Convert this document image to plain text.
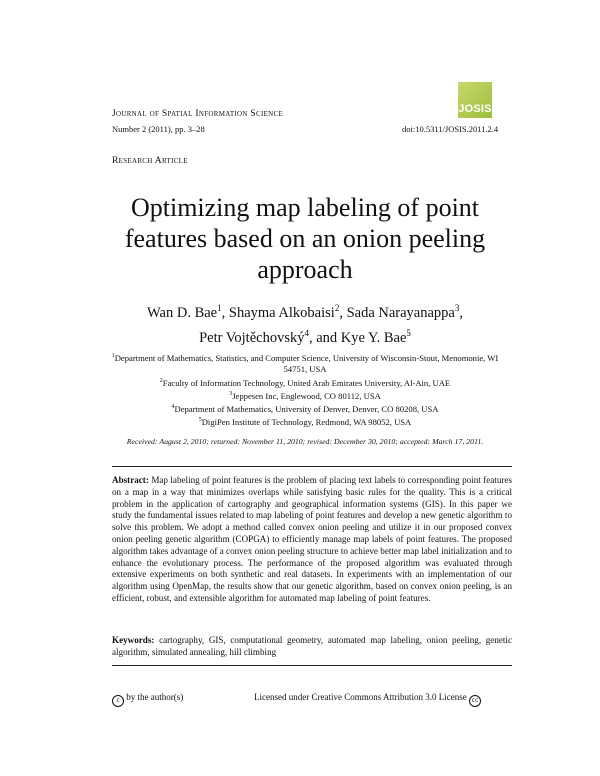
Journal of Spatial Information Science
Number 2 (2011), pp. 3–28	doi:10.5311/JOSIS.2011.2.4
JOSIS
Research Article
Optimizing map labeling of point features based on an onion peeling approach
Wan D. Bae$^1$, Shayma Alkobaisi$^2$, Sada Narayanappa$^3$,
Petr Vojtěchovský$^4$, and Kye Y. Bae$^5$
$^1$Department of Mathematics, Statistics, and Computer Science, University of Wisconsin-Stout, Menomonie, WI 54751, USA
$^2$Faculty of Information Technology, United Arab Emirates University, Al-Ain, UAE
$^3$Jeppesen Inc, Englewood, CO 80112, USA
$^4$Department of Mathematics, University of Denver, Denver, CO 80208, USA
$^5$DigiPen Institute of Technology, Redmond, WA 98052, USA
Received: August 2, 2010; returned: November 11, 2010; revised: December 30, 2010; accepted: March 17, 2011.
Abstract: Map labeling of point features is the problem of placing text labels to corresponding point features on a map in a way that minimizes overlaps while satisfying basic rules for the quality. This is a critical problem in the application of cartography and geographical information systems (GIS). In this paper we study the fundamental issues related to map labeling of point features and develop a new genetic algorithm to solve this problem. We adopt a method called convex onion peeling and utilize it in our proposed convex onion peeling genetic algorithm (COPGA) to efficiently manage map labels of point features. The proposed algorithm takes advantage of a convex onion peeling structure to achieve better map label initialization and to enhance the evolutionary process. The performance of the proposed algorithm was evaluated through extensive experiments on both synthetic and real datasets. In experiments with an implementation of our algorithm using OpenMap, the results show that our genetic algorithm, based on convex onion peeling, is an efficient, robust, and extensible algorithm for automated map labeling of point features.
Keywords: cartography, GIS, computational geometry, automated map labeling, onion peeling, genetic algorithm, simulated annealing, hill climbing
c by the author(s)	Licensed under Creative Commons Attribution 3.0 License cc
